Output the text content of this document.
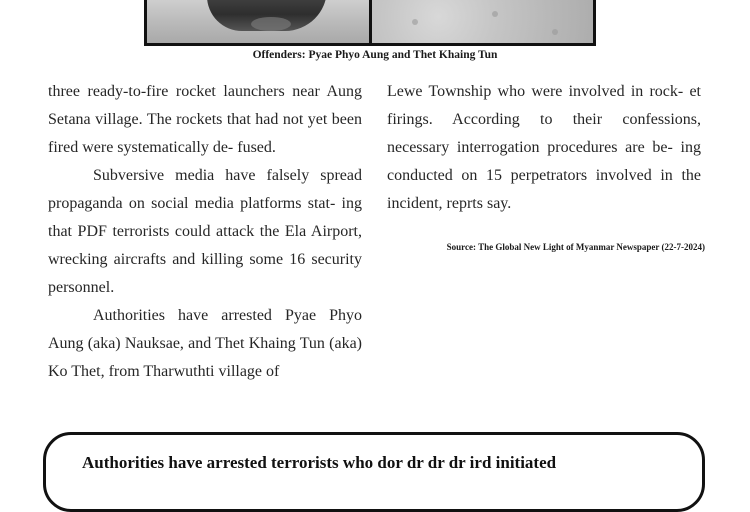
Offenders: Pyae Phyo Aung and Thet Khaing Tun

three ready-to-fire rocket launchers near Aung Setana village. The rockets that had not yet been fired were systematically de- fused.

Subversive media have falsely spread propaganda on social media platforms stat- ing that PDF terrorists could attack the Ela Airport, wrecking aircrafts and killing some 16 security personnel.

Authorities have arrested Pyae Phyo Aung (aka) Nauksae, and Thet Khaing Tun (aka) Ko Thet, from Tharwuthti village of

Lewe Township who were involved in rock- et firings. According to their confessions, necessary interrogation procedures are be- ing conducted on 15 perpetrators involved in the incident, reprts say.

Source: The Global New Light of Myanmar Newspaper (22-7-2024)
Authorities have arrested terrorists who dor dr dr dr ird initiated
